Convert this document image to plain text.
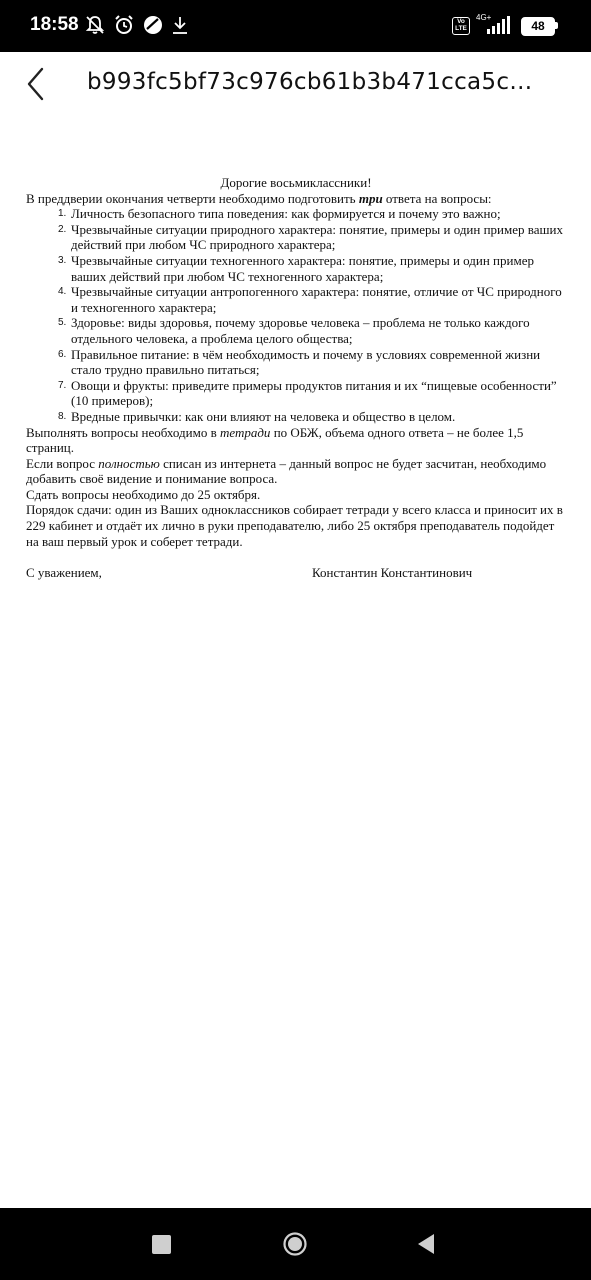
18:58	Vo LTE
4G+
48
b993fc5bf73c976cb61b3b471cca5c…

Дорогие восьмиклассники!

В преддверии окончания четверти необходимо подготовить три ответа на вопросы:

1. Личность безопасного типа поведения: как формируется и почему это важно;
2. Чрезвычайные ситуации природного характера: понятие, примеры и один пример ваших действий при любом ЧС природного характера;
3. Чрезвычайные ситуации техногенного характера: понятие, примеры и один пример ваших действий при любом ЧС техногенного характера;
4. Чрезвычайные ситуации антропогенного характера: понятие, отличие от ЧС природного и техногенного характера;
5. Здоровье: виды здоровья, почему здоровье человека – проблема не только каждого отдельного человека, а проблема целого общества;
6. Правильное питание: в чём необходимость и почему в условиях современной жизни стало трудно правильно питаться;
7. Овощи и фрукты: приведите примеры продуктов питания и их “пищевые особенности” (10 примеров);
8. Вредные привычки: как они влияют на человека и общество в целом.

Выполнять вопросы необходимо в тетради по ОБЖ, объема одного ответа – не более 1,5 страниц.

Если вопрос полностью списан из интернета – данный вопрос не будет засчитан, необходимо добавить своё видение и понимание вопроса.

Сдать вопросы необходимо до 25 октября.

Порядок сдачи: один из Ваших одноклассников собирает тетради у всего класса и приносит их в 229 кабинет и отдаёт их лично в руки преподавателю, либо 25 октября преподаватель подойдет на ваш первый урок и соберет тетради.

С уважением,	Константин Константинович
